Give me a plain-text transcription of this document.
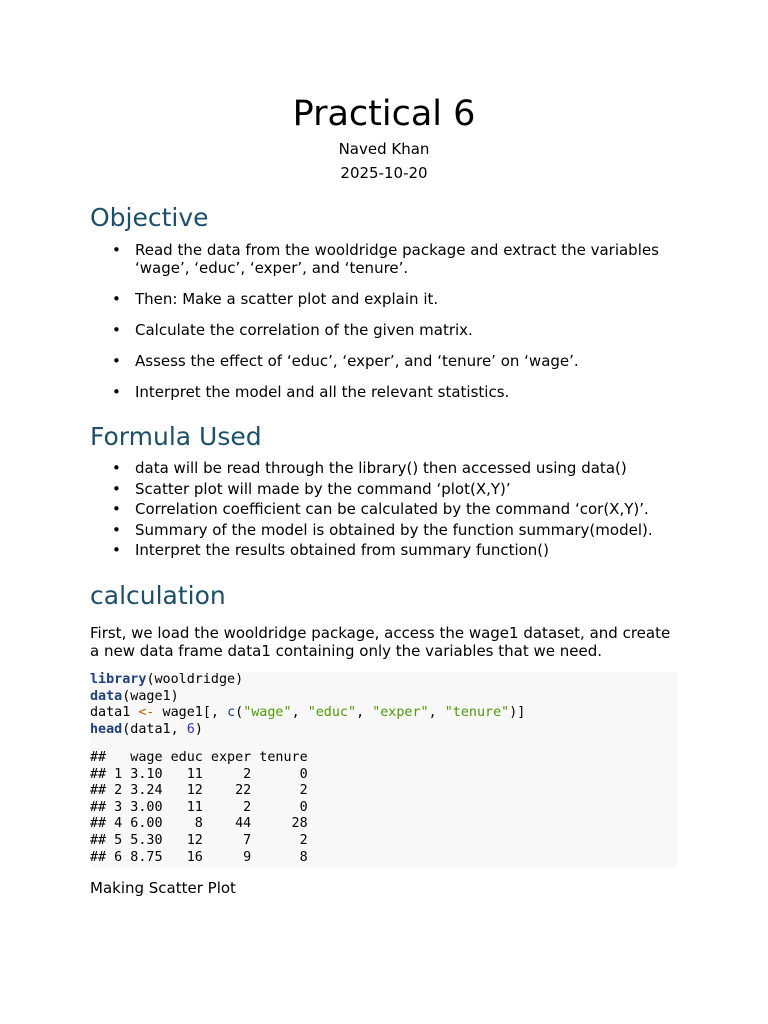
Practical 6
Naved Khan
2025-10-20
Objective
• Read the data from the wooldridge package and extract the variables ‘wage’, ‘educ’, ‘exper’, and ‘tenure’.
• Then: Make a scatter plot and explain it.
• Calculate the correlation of the given matrix.
• Assess the effect of ‘educ’, ‘exper’, and ‘tenure’ on ‘wage’.
• Interpret the model and all the relevant statistics.
Formula Used
• data will be read through the library() then accessed using data()
• Scatter plot will made by the command ‘plot(X,Y)’
• Correlation coefficient can be calculated by the command ‘cor(X,Y)’.
• Summary of the model is obtained by the function summary(model).
• Interpret the results obtained from summary function()
calculation

First, we load the wooldridge package, access the wage1 dataset, and create a new data frame data1 containing only the variables that we need.

library(wooldridge)
data(wage1)
data1 <- wage1[, c("wage", "educ", "exper", "tenure")]
head(data1, 6)
##   wage educ exper tenure
## 1 3.10   11     2      0
## 2 3.24   12    22      2
## 3 3.00   11     2      0
## 4 6.00    8    44     28
## 5 5.30   12     7      2
## 6 8.75   16     9      8

Making Scatter Plot
